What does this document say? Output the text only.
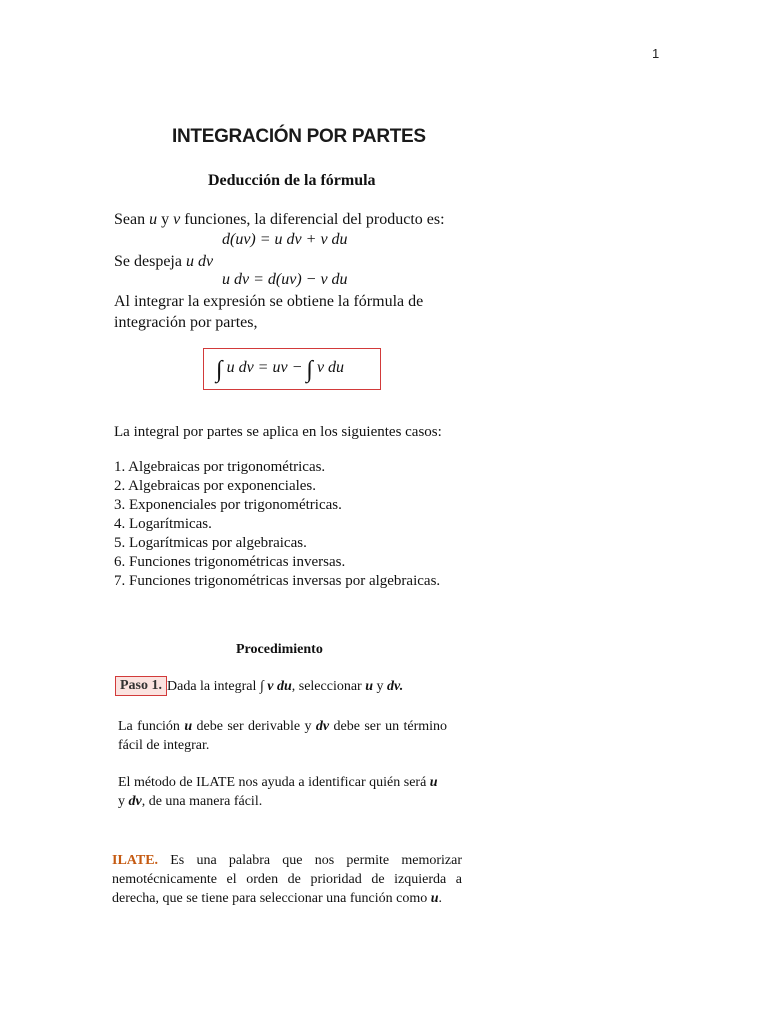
1
INTEGRACIÓN POR PARTES
Deducción de la fórmula
Sean u y v funciones, la diferencial del producto es:
d(uv) = u dv + v du
Se despeja u dv
u dv = d(uv) − v du
Al integrar la expresión se obtiene la fórmula de
integración por partes,
∫ u dv = uv − ∫ v du
La integral por partes se aplica en los siguientes casos:
1. Algebraicas por trigonométricas.
2. Algebraicas por exponenciales.
3. Exponenciales por trigonométricas.
4. Logarítmicas.
5. Logarítmicas por algebraicas.
6. Funciones trigonométricas inversas.
7. Funciones trigonométricas inversas por algebraicas.
Procedimiento
Paso 1. Dada la integral ∫ v du, seleccionar u y dv.

La función u debe ser derivable y dv debe ser un término fácil de integrar.

El método de ILATE nos ayuda a identificar quién será u y dv, de una manera fácil.

ILATE. Es una palabra que nos permite memorizar nemotécnicamente el orden de prioridad de izquierda a derecha, que se tiene para seleccionar una función como u.
